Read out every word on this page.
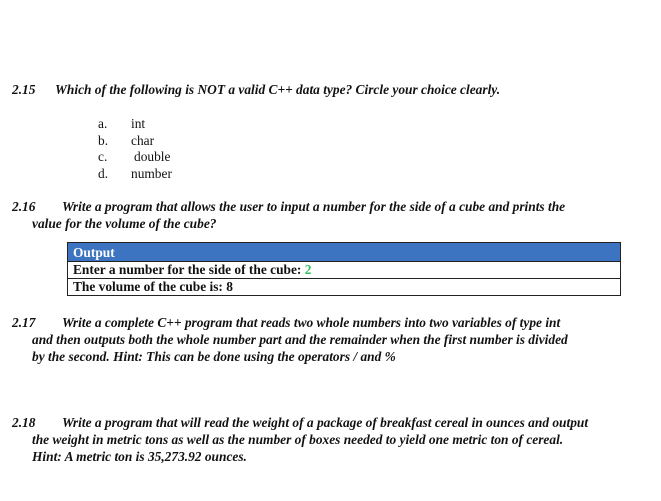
2.15 Which of the following is NOT a valid C++ data type? Circle your choice clearly.
a. int
b. char
c. double
d. number
2.16 Write a program that allows the user to input a number for the side of a cube and prints the
value for the volume of the cube?
Output
Enter a number for the side of the cube: 2
The volume of the cube is: 8
2.17 Write a complete C++ program that reads two whole numbers into two variables of type int
and then outputs both the whole number part and the remainder when the first number is divided
by the second. Hint: This can be done using the operators / and %
2.18 Write a program that will read the weight of a package of breakfast cereal in ounces and output
the weight in metric tons as well as the number of boxes needed to yield one metric ton of cereal.
Hint: A metric ton is 35,273.92 ounces.
